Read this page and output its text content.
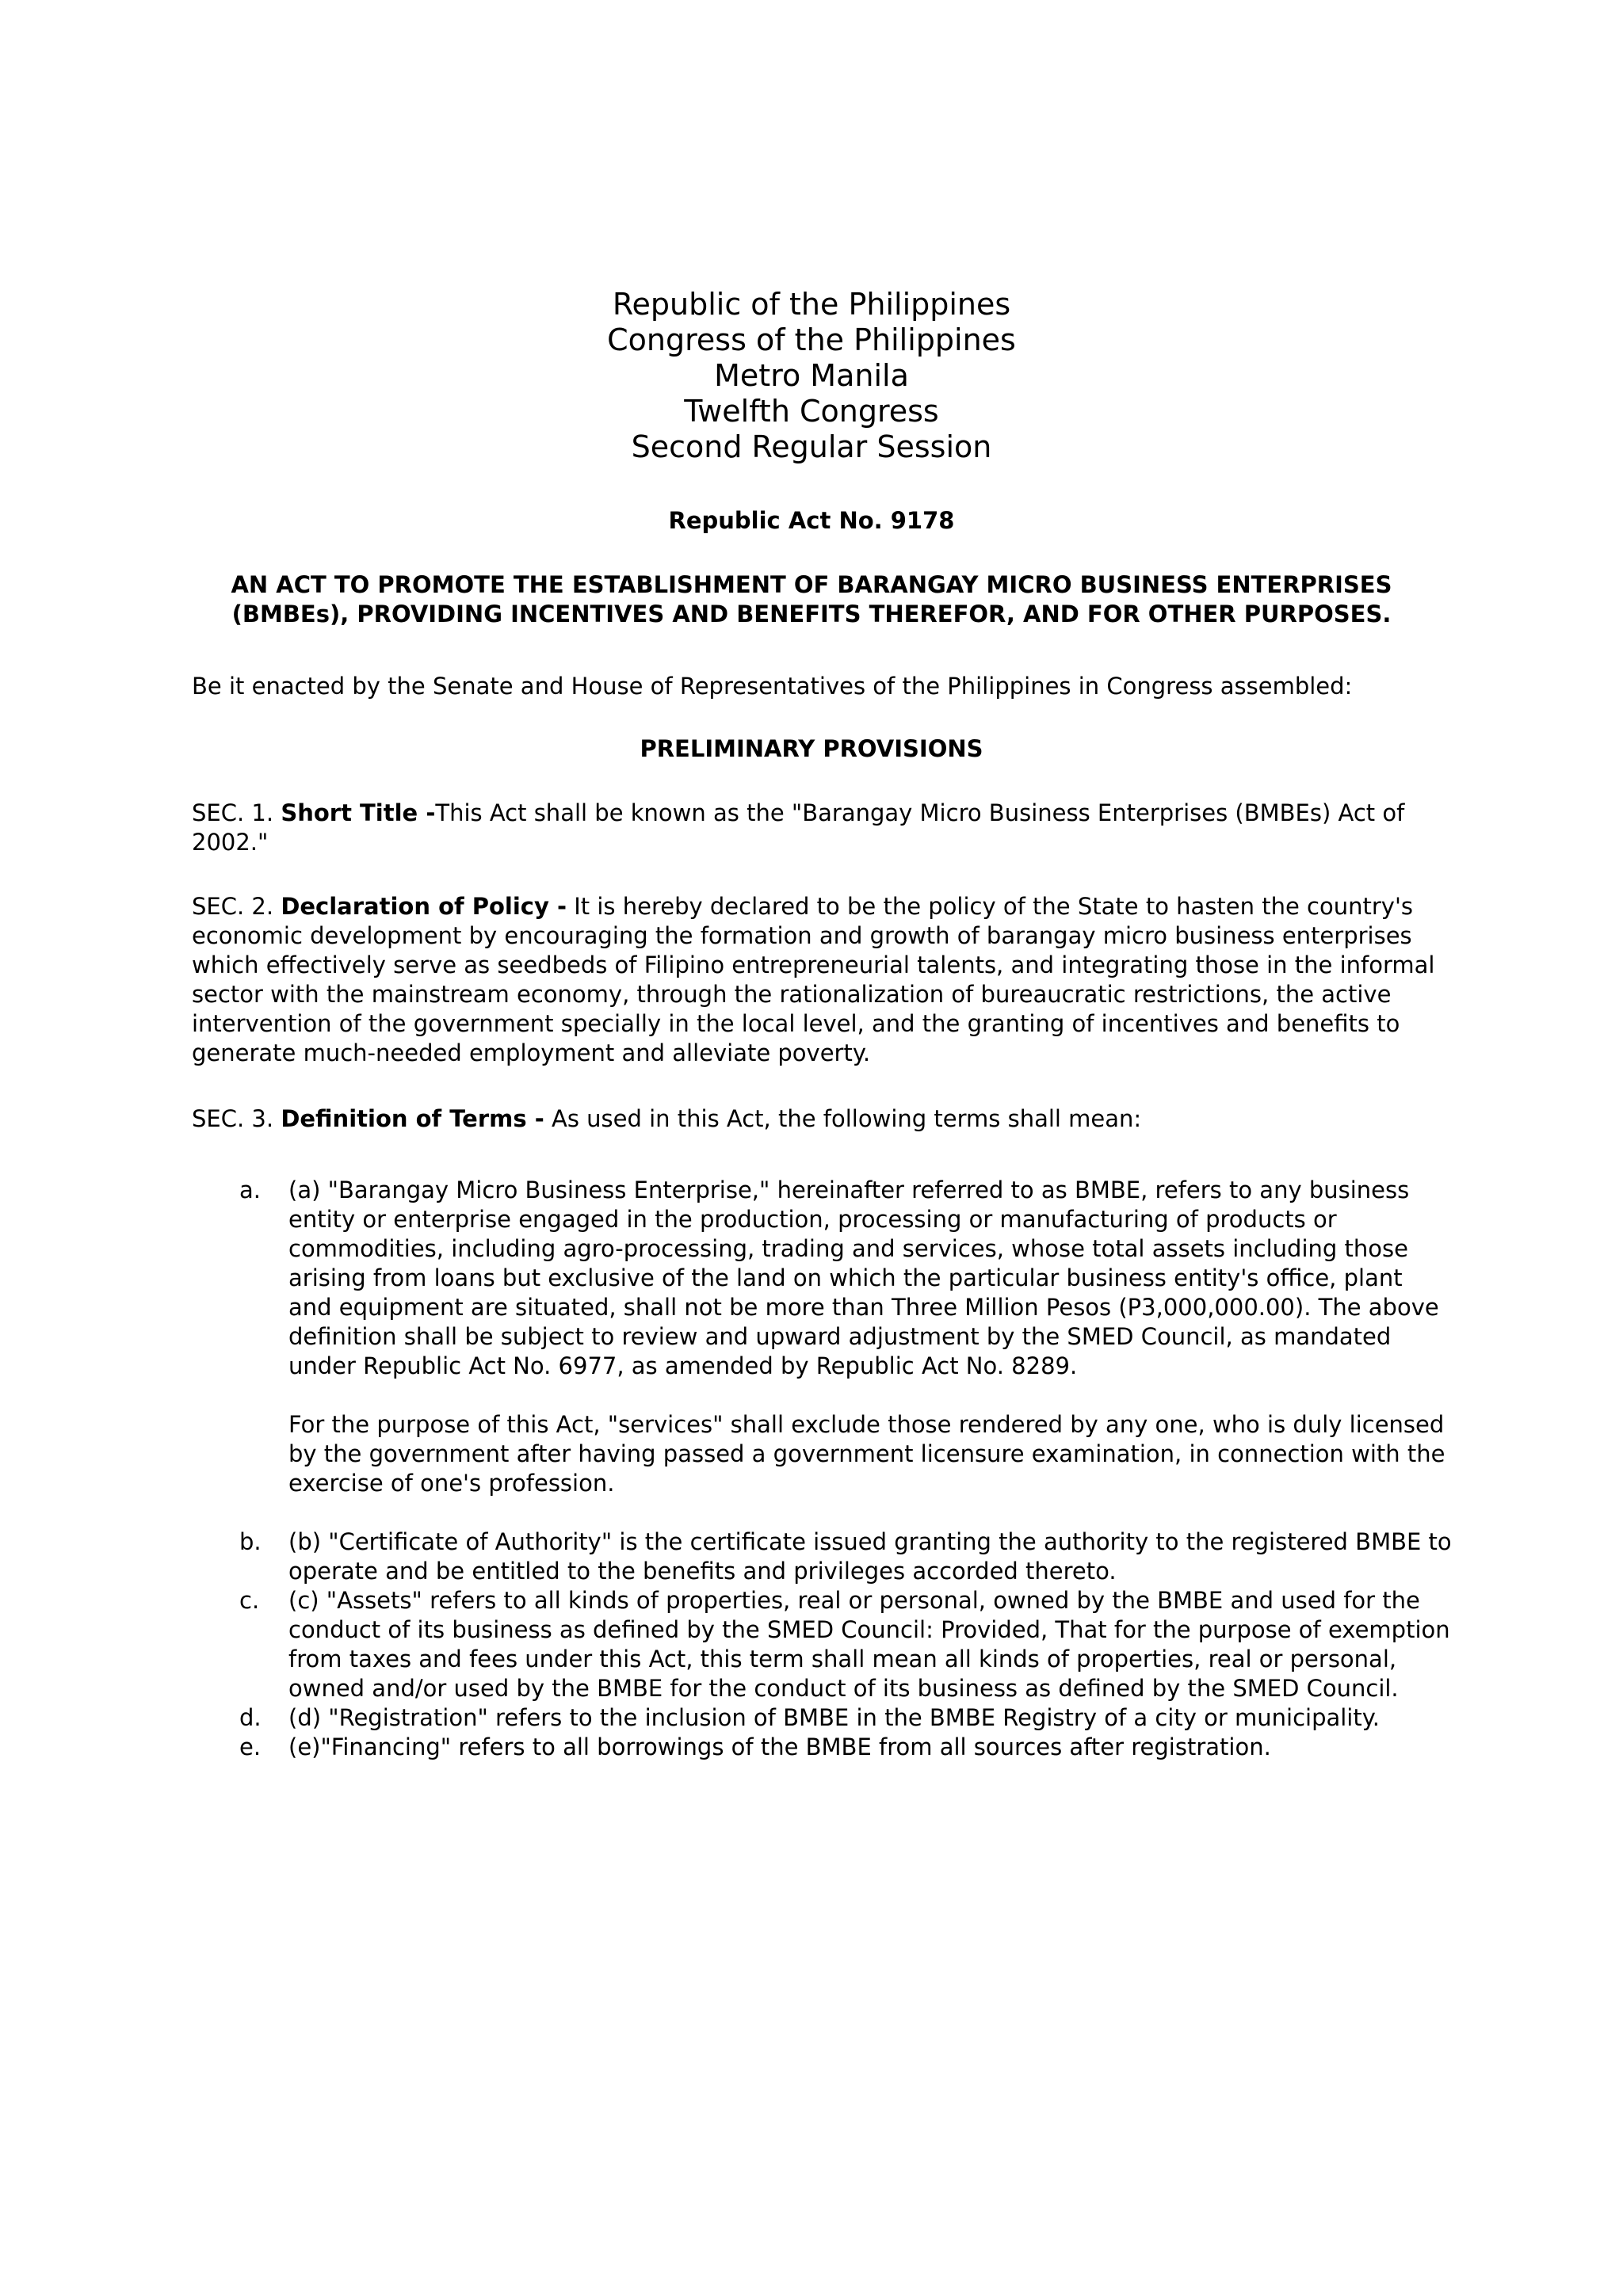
Republic of the Philippines
Congress of the Philippines
Metro Manila
Twelfth Congress
Second Regular Session
Republic Act No. 9178
AN ACT TO PROMOTE THE ESTABLISHMENT OF BARANGAY MICRO BUSINESS ENTERPRISES
(BMBEs), PROVIDING INCENTIVES AND BENEFITS THEREFOR, AND FOR OTHER PURPOSES.
Be it enacted by the Senate and House of Representatives of the Philippines in Congress assembled:
PRELIMINARY PROVISIONS
SEC. 1. Short Title -This Act shall be known as the "Barangay Micro Business Enterprises (BMBEs) Act of 2002."
SEC. 2. Declaration of Policy - It is hereby declared to be the policy of the State to hasten the country's economic development by encouraging the formation and growth of barangay micro business enterprises which effectively serve as seedbeds of Filipino entrepreneurial talents, and integrating those in the informal sector with the mainstream economy, through the rationalization of bureaucratic restrictions, the active intervention of the government specially in the local level, and the granting of incentives and benefits to generate much-needed employment and alleviate poverty.
SEC. 3. Definition of Terms - As used in this Act, the following terms shall mean:
a. (a) "Barangay Micro Business Enterprise," hereinafter referred to as BMBE, refers to any business entity or enterprise engaged in the production, processing or manufacturing of products or commodities, including agro-processing, trading and services, whose total assets including those arising from loans but exclusive of the land on which the particular business entity's office, plant and equipment are situated, shall not be more than Three Million Pesos (P3,000,000.00). The above definition shall be subject to review and upward adjustment by the SMED Council, as mandated under Republic Act No. 6977, as amended by Republic Act No. 8289.

For the purpose of this Act, "services" shall exclude those rendered by any one, who is duly licensed by the government after having passed a government licensure examination, in connection with the exercise of one's profession.

b. (b) "Certificate of Authority" is the certificate issued granting the authority to the registered BMBE to operate and be entitled to the benefits and privileges accorded thereto.

c. (c) "Assets" refers to all kinds of properties, real or personal, owned by the BMBE and used for the conduct of its business as defined by the SMED Council: Provided, That for the purpose of exemption from taxes and fees under this Act, this term shall mean all kinds of properties, real or personal, owned and/or used by the BMBE for the conduct of its business as defined by the SMED Council.

d. (d) "Registration" refers to the inclusion of BMBE in the BMBE Registry of a city or municipality.

e. (e)"Financing" refers to all borrowings of the BMBE from all sources after registration.
